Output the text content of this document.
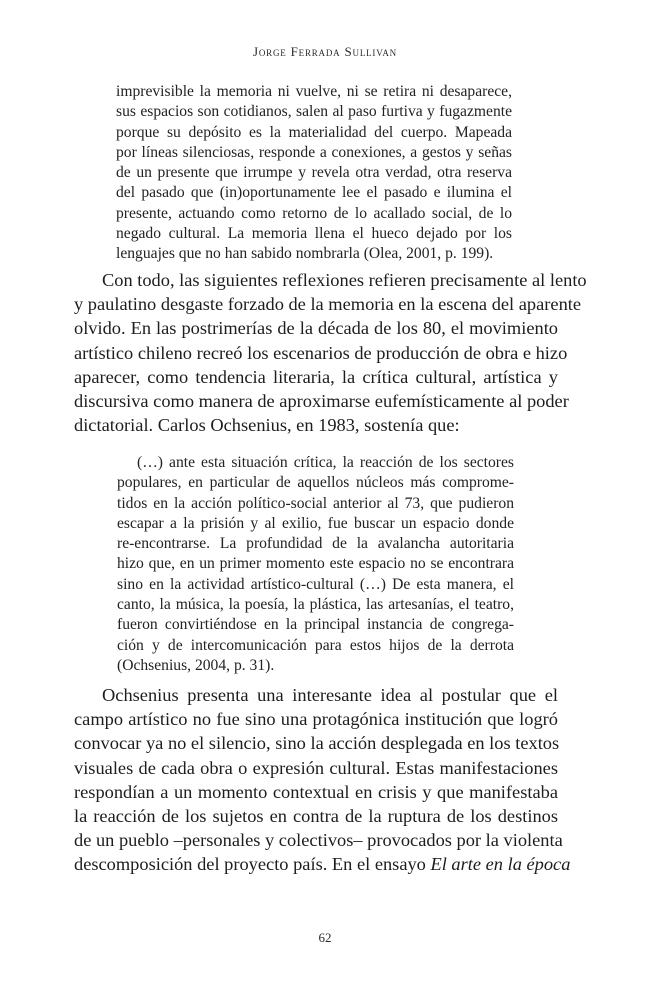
Jorge Ferrada Sullivan
imprevisible la memoria ni vuelve, ni se retira ni desaparece,
sus espacios son cotidianos, salen al paso furtiva y fugazmente
porque su depósito es la materialidad del cuerpo. Mapeada
por líneas silenciosas, responde a conexiones, a gestos y señas
de un presente que irrumpe y revela otra verdad, otra reserva
del pasado que (in)oportunamente lee el pasado e ilumina el
presente, actuando como retorno de lo acallado social, de lo
negado cultural. La memoria llena el hueco dejado por los
lenguajes que no han sabido nombrarla (Olea, 2001, p. 199).
Con todo, las siguientes reflexiones refieren precisamente al lento
y paulatino desgaste forzado de la memoria en la escena del aparente
olvido. En las postrimerías de la década de los 80, el movimiento
artístico chileno recreó los escenarios de producción de obra e hizo
aparecer, como tendencia literaria, la crítica cultural, artística y
discursiva como manera de aproximarse eufemísticamente al poder
dictatorial. Carlos Ochsenius, en 1983, sostenía que:
(…) ante esta situación crítica, la reacción de los sectores
populares, en particular de aquellos núcleos más comprome-
tidos en la acción político-social anterior al 73, que pudieron
escapar a la prisión y al exilio, fue buscar un espacio donde
re-encontrarse. La profundidad de la avalancha autoritaria
hizo que, en un primer momento este espacio no se encontrara
sino en la actividad artístico-cultural (…) De esta manera, el
canto, la música, la poesía, la plástica, las artesanías, el teatro,
fueron convirtiéndose en la principal instancia de congrega-
ción y de intercomunicación para estos hijos de la derrota
(Ochsenius, 2004, p. 31).
Ochsenius presenta una interesante idea al postular que el
campo artístico no fue sino una protagónica institución que logró
convocar ya no el silencio, sino la acción desplegada en los textos
visuales de cada obra o expresión cultural. Estas manifestaciones
respondían a un momento contextual en crisis y que manifestaba
la reacción de los sujetos en contra de la ruptura de los destinos
de un pueblo –personales y colectivos– provocados por la violenta
descomposición del proyecto país. En el ensayo El arte en la época
62
